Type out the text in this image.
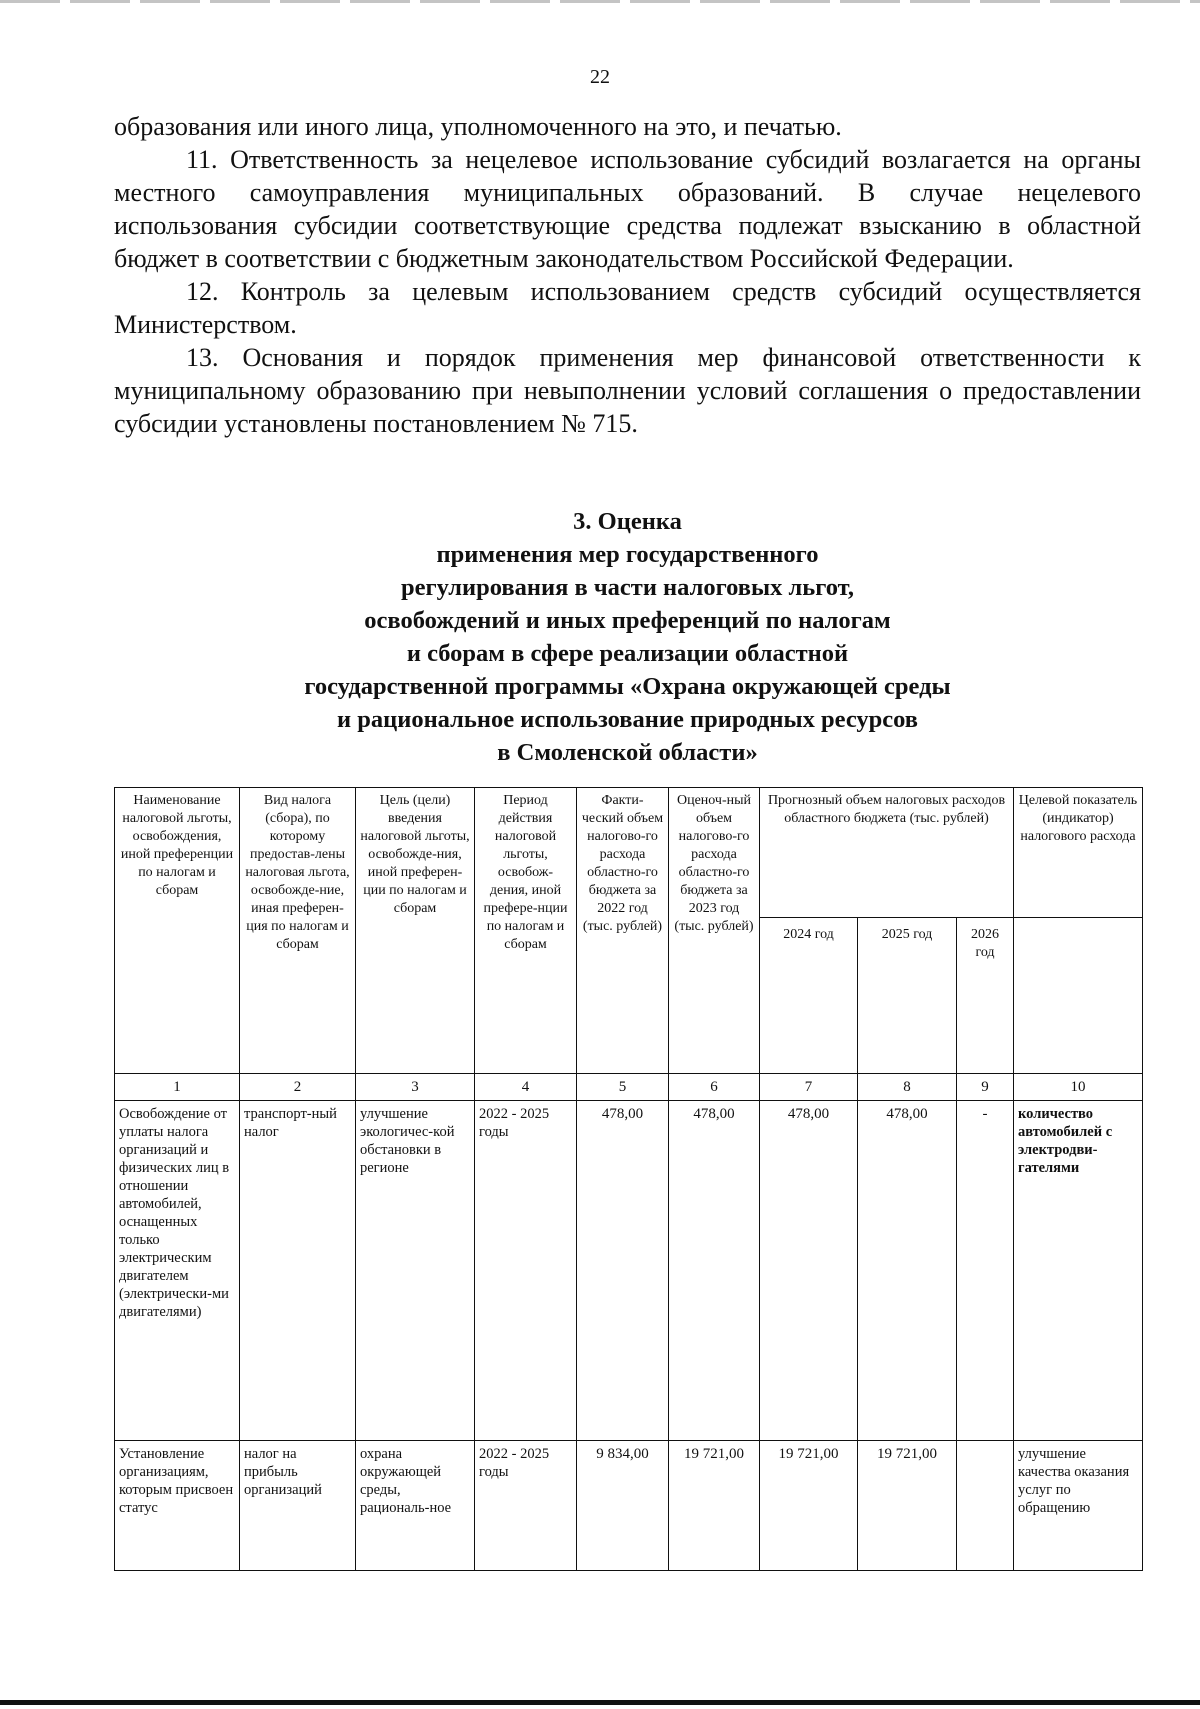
22

образования или иного лица, уполномоченного на это, и печатью.

11. Ответственность за нецелевое использование субсидий возлагается на органы местного самоуправления муниципальных образований. В случае нецелевого использования субсидии соответствующие средства подлежат взысканию в областной бюджет в соответствии с бюджетным законодательством Российской Федерации.

12. Контроль за целевым использованием средств субсидий осуществляется Министерством.

13. Основания и порядок применения мер финансовой ответственности к муниципальному образованию при невыполнении условий соглашения о предоставлении субсидии установлены постановлением № 715.

3. Оценка
применения мер государственного
регулирования в части налоговых льгот,
освобождений и иных преференций по налогам
и сборам в сфере реализации областной
государственной программы «Охрана окружающей среды
и рациональное использование природных ресурсов
в Смоленской области»
Наименование налоговой льготы, освобождения, иной преференции по налогам и сборам	Вид налога (сбора), по которому предостав-лены налоговая льгота, освобожде-ние, иная преферен-ция по налогам и сборам	Цель (цели) введения налоговой льготы, освобожде-ния, иной преферен-ции по налогам и сборам	Период действия налоговой льготы, освобож-дения, иной префере-нции по налогам и сборам	Факти-ческий объем налогово-го расхода областно-го бюджета за 2022 год (тыс. рублей)	Оценоч-ный объем налогово-го расхода областно-го бюджета за 2023 год (тыс. рублей)	Прогнозный объем налоговых расходов областного бюджета (тыс. рублей)			Целевой показатель (индикатор) налогового расхода
						2024 год	2025 год	2026 год	
1	2	3	4	5	6	7	8	9	10
Освобождение от уплаты налога организаций и физических лиц в отношении автомобилей, оснащенных только электрическим двигателем (электрически-ми двигателями)	транспорт-ный налог	улучшение экологичес-кой обстановки в регионе	2022 - 2025 годы	478,00	478,00	478,00	478,00	-	количество автомобилей с электродви-гателями
Установление организациям, которым присвоен статус	налог на прибыль организаций	охрана окружающей среды, рациональ-ное	2022 - 2025 годы	9 834,00	19 721,00	19 721,00	19 721,00		улучшение качества оказания услуг по обращению
